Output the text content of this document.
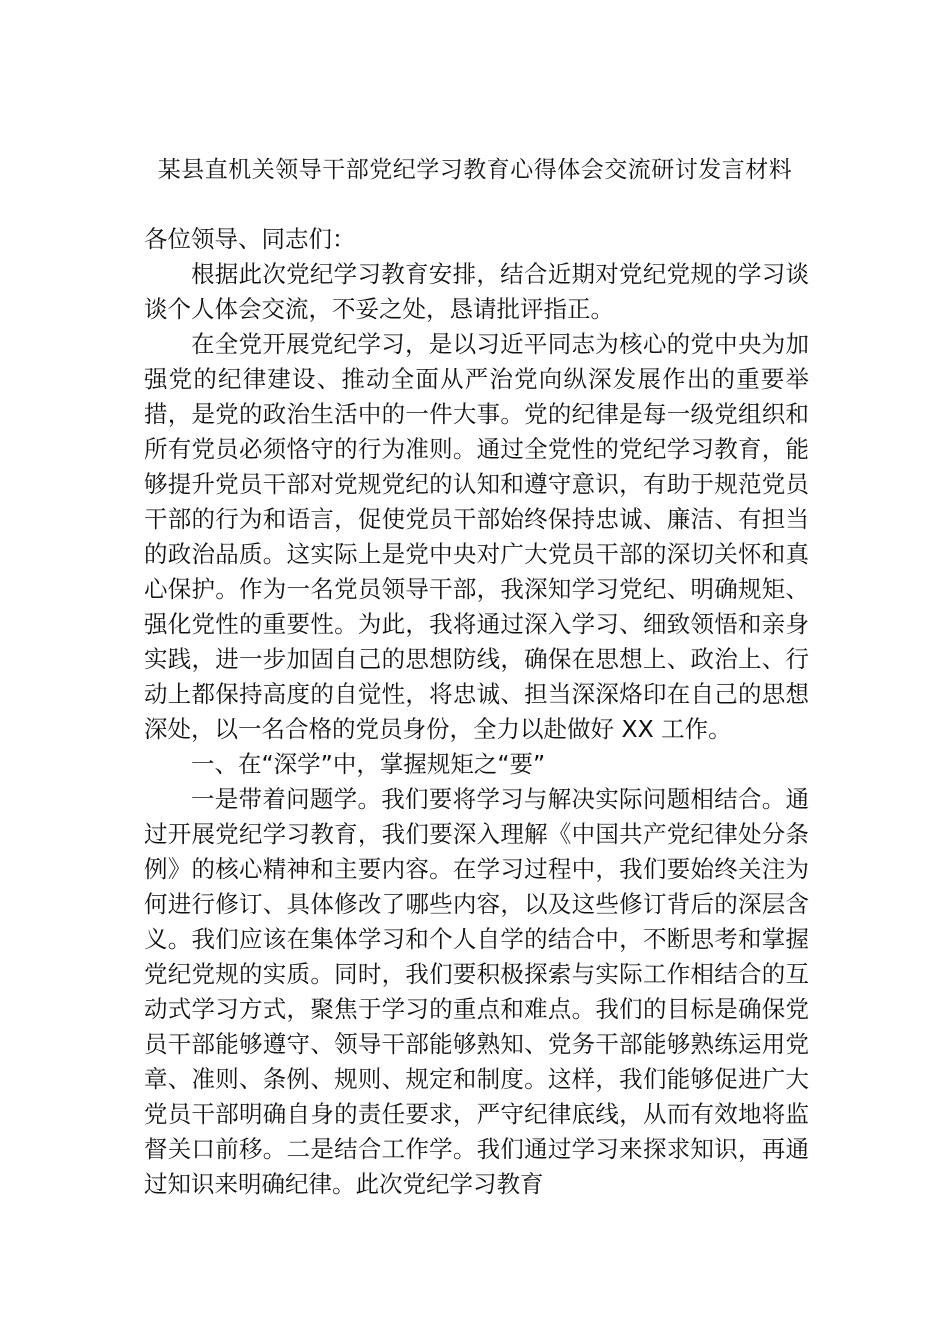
某县直机关领导干部党纪学习教育心得体会交流研讨发言材料

各位领导、同志们：

根据此次党纪学习教育安排，结合近期对党纪党规的学习谈谈个人体会交流，不妥之处，恳请批评指正。

在全党开展党纪学习，是以习近平同志为核心的党中央为加强党的纪律建设、推动全面从严治党向纵深发展作出的重要举措，是党的政治生活中的一件大事。党的纪律是每一级党组织和所有党员必须恪守的行为准则。通过全党性的党纪学习教育，能够提升党员干部对党规党纪的认知和遵守意识，有助于规范党员干部的行为和语言，促使党员干部始终保持忠诚、廉洁、有担当的政治品质。这实际上是党中央对广大党员干部的深切关怀和真心保护。作为一名党员领导干部，我深知学习党纪、明确规矩、强化党性的重要性。为此，我将通过深入学习、细致领悟和亲身实践，进一步加固自己的思想防线，确保在思想上、政治上、行动上都保持高度的自觉性，将忠诚、担当深深烙印在自己的思想深处，以一名合格的党员身份，全力以赴做好 XX 工作。

一、在“深学”中，掌握规矩之“要”

一是带着问题学。我们要将学习与解决实际问题相结合。通过开展党纪学习教育，我们要深入理解《中国共产党纪律处分条例》的核心精神和主要内容。在学习过程中，我们要始终关注为何进行修订、具体修改了哪些内容，以及这些修订背后的深层含义。我们应该在集体学习和个人自学的结合中，不断思考和掌握党纪党规的实质。同时，我们要积极探索与实际工作相结合的互动式学习方式，聚焦于学习的重点和难点。我们的目标是确保党员干部能够遵守、领导干部能够熟知、党务干部能够熟练运用党章、准则、条例、规则、规定和制度。这样，我们能够促进广大党员干部明确自身的责任要求，严守纪律底线，从而有效地将监督关口前移。二是结合工作学。我们通过学习来探求知识，再通过知识来明确纪律。此次党纪学习教育
